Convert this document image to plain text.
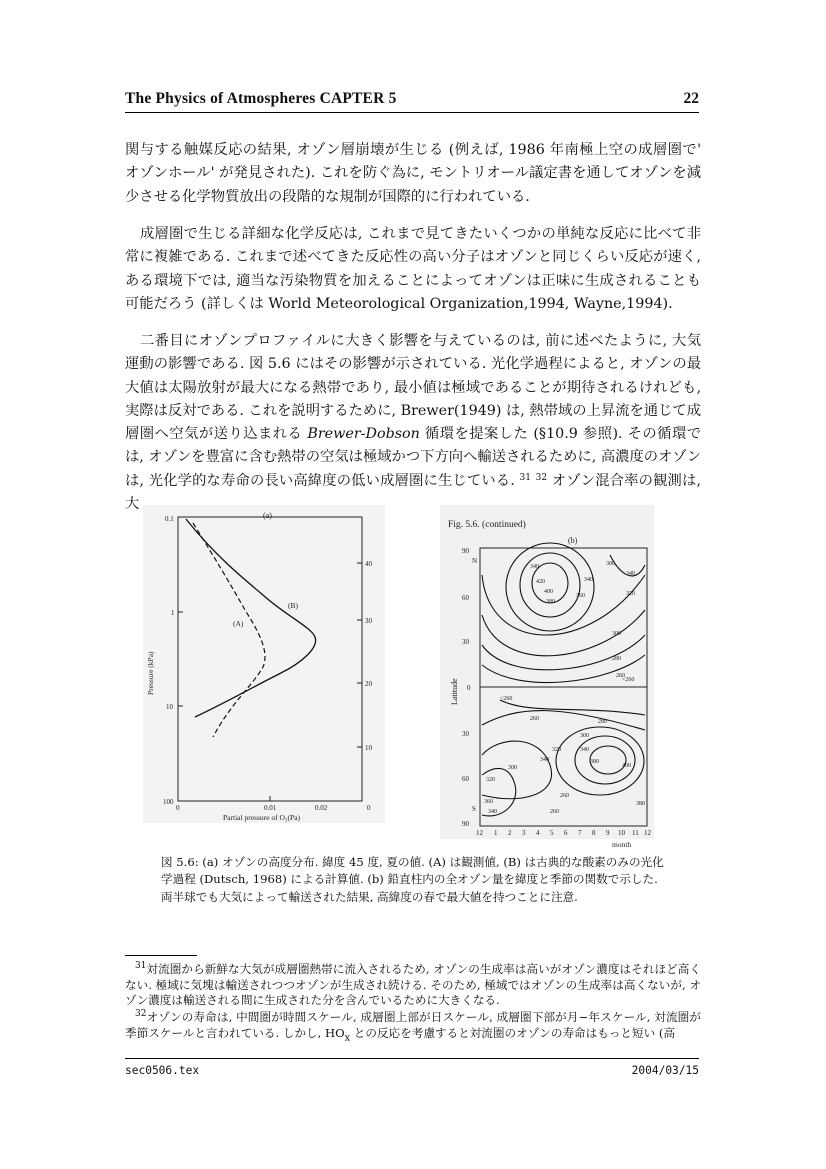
The Physics of Atmospheres CAPTER 5	22

関与する触媒反応の結果, オゾン層崩壊が生じる (例えば, 1986 年南極上空の成層圏で' オゾンホール' が発見された). これを防ぐ為に, モントリオール議定書を通してオゾンを減少させる化学物質放出の段階的な規制が国際的に行われている.

成層圏で生じる詳細な化学反応は, これまで見てきたいくつかの単純な反応に比べて非常に複雑である. これまで述べてきた反応性の高い分子はオゾンと同じくらい反応が速く, ある環境下では, 適当な汚染物質を加えることによってオゾンは正味に生成されることも可能だろう (詳しくは World Meteorological Organization,1994, Wayne,1994).

二番目にオゾンプロファイルに大きく影響を与えているのは, 前に述べたように, 大気運動の影響である. 図 5.6 にはその影響が示されている. 光化学過程によると, オゾンの最大値は太陽放射が最大になる熱帯であり, 最小値は極域であることが期待されるけれども, 実際は反対である. これを説明するために, Brewer(1949) は, 熱帯域の上昇流を通じて成層圏へ空気が送り込まれる Brewer-Dobson 循環を提案した (§10.9 参照). その循環では, オゾンを豊富に含む熱帯の空気は極域かつ下方向へ輸送されるために, 高濃度のオゾンは, 光化学的な寿命の長い高緯度の低い成層圏に生じている. $^{31}$ $^{32}$ オゾン混合率の観測は, 大

(a)
0.1
1
10
100
40
30
20
10
0	0.01	0.02	0
Partial pressure of O₃(Pa)
Pressure (kPa)
(A)
(B)
Fig. 5.6. (continued)
(b)
90
60
30
0
30
60
90
N
S
Latitude
12 1 2 3 4 5 6 7 8 9 10 11 12
month
340
420
400
380
340
300
360
340
320
300
280
260
<260
<260
260	280
300
320	340
380
400
340
320
300
260
360	380
340	260

図 5.6: (a) オゾンの高度分布. 緯度 45 度, 夏の値. (A) は観測値, (B) は古典的な酸素のみの光化学過程 (Dutsch, 1968) による計算値. (b) 鉛直柱内の全オゾン量を緯度と季節の関数で示した. 両半球でも大気によって輸送された結果, 高緯度の春で最大値を持つことに注意.

$^{31}$対流圏から新鮮な大気が成層圏熱帯に流入されるため, オゾンの生成率は高いがオゾン濃度はそれほど高くない. 極域に気塊は輸送されつつオゾンが生成され続ける. そのため, 極域ではオゾンの生成率は高くないが, オゾン濃度は輸送される間に生成された分を含んでいるために大きくなる.

$^{32}$オゾンの寿命は, 中間圏が時間スケール, 成層圏上部が日スケール, 成層圏下部が月−年スケール, 対流圏が季節スケールと言われている. しかし, $HO_x$ との反応を考慮すると対流圏のオゾンの寿命はもっと短い (高

sec0506.tex	2004/03/15
